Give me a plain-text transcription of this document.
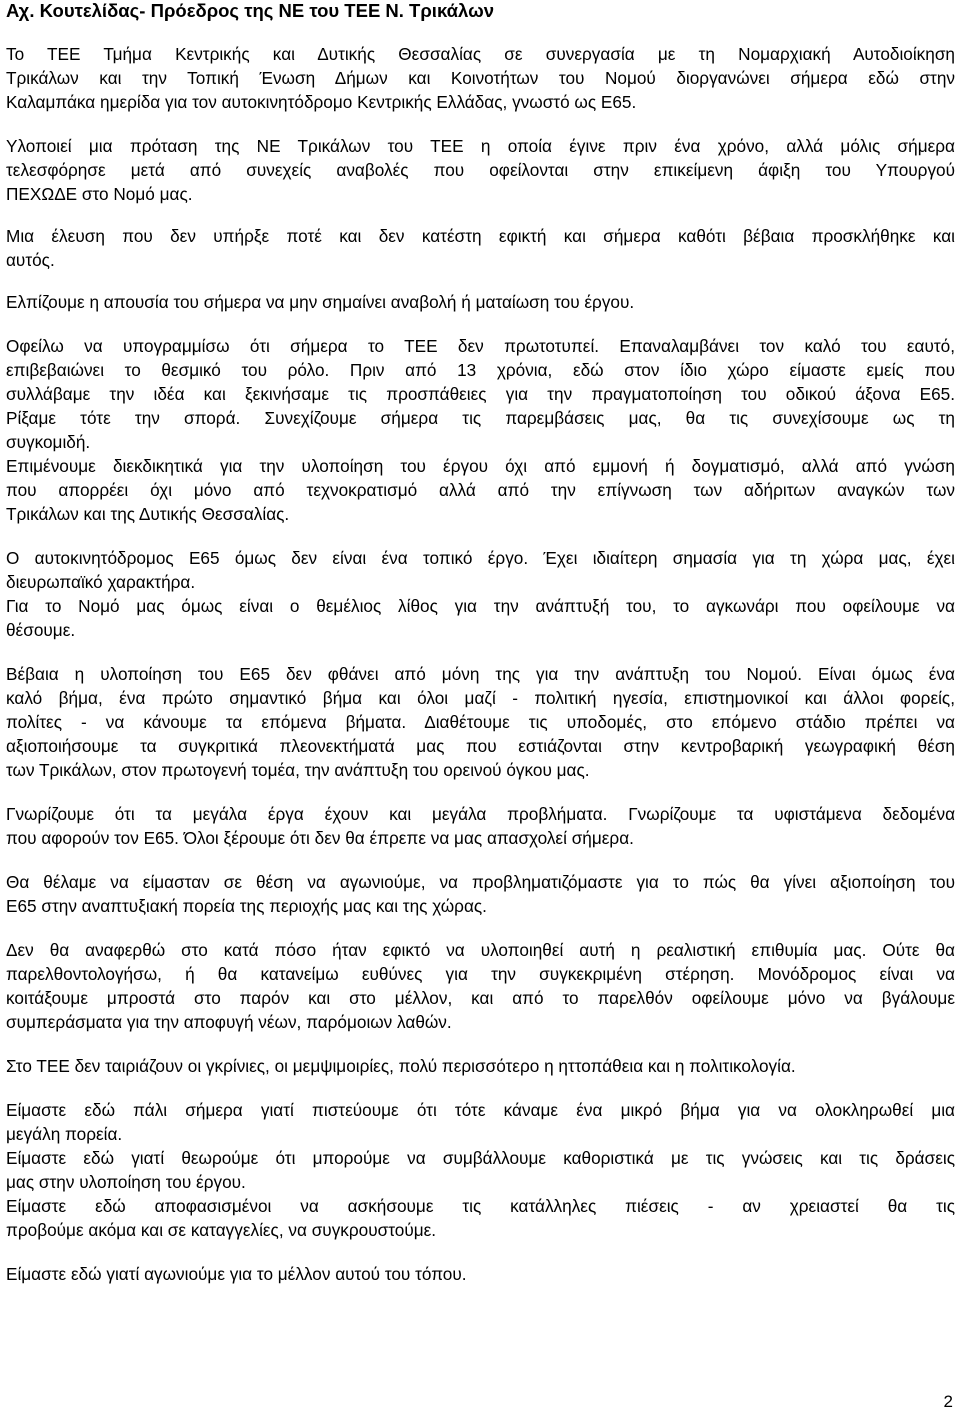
Αχ. Κουτελίδας- Πρόεδρος της ΝΕ του ΤΕΕ Ν. Τρικάλων
Το ΤΕΕ Τμήμα Κεντρικής και Δυτικής Θεσσαλίας σε συνεργασία με τη Νομαρχιακή Αυτοδιοίκηση
Τρικάλων και την Τοπική Ένωση Δήμων και Κοινοτήτων του Νομού διοργανώνει σήμερα εδώ στην
Καλαμπάκα ημερίδα για τον αυτοκινητόδρομο Κεντρικής Ελλάδας, γνωστό ως Ε65.
Υλοποιεί μια πρόταση της ΝΕ Τρικάλων του ΤΕΕ η οποία έγινε πριν ένα χρόνο, αλλά μόλις σήμερα
τελεσφόρησε μετά από συνεχείς αναβολές που οφείλονται στην επικείμενη άφιξη του Υπουργού
ΠΕΧΩΔΕ στο Νομό μας.
Μια έλευση που δεν υπήρξε ποτέ και δεν κατέστη εφικτή και σήμερα καθότι βέβαια προσκλήθηκε και
αυτός.
Ελπίζουμε η απουσία του σήμερα να μην σημαίνει αναβολή ή ματαίωση του έργου.
Οφείλω να υπογραμμίσω ότι σήμερα το ΤΕΕ δεν πρωτοτυπεί. Επαναλαμβάνει τον καλό του εαυτό,
επιβεβαιώνει το θεσμικό του ρόλο. Πριν από 13 χρόνια, εδώ στον ίδιο χώρο είμαστε εμείς που
συλλάβαμε την ιδέα και ξεκινήσαμε τις προσπάθειες για την πραγματοποίηση του οδικού άξονα Ε65.
Ρίξαμε τότε την σπορά. Συνεχίζουμε σήμερα τις παρεμβάσεις μας, θα τις συνεχίσουμε ως τη
συγκομιδή.
Επιμένουμε διεκδικητικά για την υλοποίηση του έργου όχι από εμμονή ή δογματισμό, αλλά από γνώση
που απορρέει όχι μόνο από τεχνοκρατισμό αλλά από την επίγνωση των αδήριτων αναγκών των
Τρικάλων και της Δυτικής Θεσσαλίας.
Ο αυτοκινητόδρομος Ε65 όμως δεν είναι ένα τοπικό έργο. Έχει ιδιαίτερη σημασία για τη χώρα μας, έχει
διευρωπαϊκό χαρακτήρα.
Για το Νομό μας όμως είναι ο θεμέλιος λίθος για την ανάπτυξή του, το αγκωνάρι που οφείλουμε να
θέσουμε.
Βέβαια η υλοποίηση του Ε65 δεν φθάνει από μόνη της για την ανάπτυξη του Νομού. Είναι όμως ένα
καλό βήμα, ένα πρώτο σημαντικό βήμα και όλοι μαζί - πολιτική ηγεσία, επιστημονικοί και άλλοι φορείς,
πολίτες - να κάνουμε τα επόμενα βήματα. Διαθέτουμε τις υποδομές, στο επόμενο στάδιο πρέπει να
αξιοποιήσουμε τα συγκριτικά πλεονεκτήματά μας που εστιάζονται στην κεντροβαρική γεωγραφική θέση
των Τρικάλων, στον πρωτογενή τομέα, την ανάπτυξη του ορεινού όγκου μας.
Γνωρίζουμε ότι τα μεγάλα έργα έχουν και μεγάλα προβλήματα. Γνωρίζουμε τα υφιστάμενα δεδομένα
που αφορούν τον Ε65. Όλοι ξέρουμε ότι δεν θα έπρεπε να μας απασχολεί σήμερα.
Θα θέλαμε να είμασταν σε θέση να αγωνιούμε, να προβληματιζόμαστε για το πώς θα γίνει αξιοποίηση του
Ε65 στην αναπτυξιακή πορεία της περιοχής μας και της χώρας.
Δεν θα αναφερθώ στο κατά πόσο ήταν εφικτό να υλοποιηθεί αυτή η ρεαλιστική επιθυμία μας. Ούτε θα
παρελθοντολογήσω, ή θα κατανείμω ευθύνες για την συγκεκριμένη στέρηση. Μονόδρομος είναι να
κοιτάξουμε μπροστά στο παρόν και στο μέλλον, και από το παρελθόν οφείλουμε μόνο να βγάλουμε
συμπεράσματα για την αποφυγή νέων, παρόμοιων λαθών.
Στο ΤΕΕ δεν ταιριάζουν οι γκρίνιες, οι μεμψιμοιρίες, πολύ περισσότερο η ηττοπάθεια και η πολιτικολογία.
Είμαστε εδώ πάλι σήμερα γιατί πιστεύουμε ότι τότε κάναμε ένα μικρό βήμα για να ολοκληρωθεί μια
μεγάλη πορεία.
Είμαστε εδώ γιατί θεωρούμε ότι μπορούμε να συμβάλλουμε καθοριστικά με τις γνώσεις και τις δράσεις
μας στην υλοποίηση του έργου.
Είμαστε εδώ αποφασισμένοι να ασκήσουμε τις κατάλληλες πιέσεις - αν χρειαστεί θα τις
προβούμε ακόμα και σε καταγγελίες, να συγκρουστούμε.
Είμαστε εδώ γιατί αγωνιούμε για το μέλλον αυτού του τόπου.
2
